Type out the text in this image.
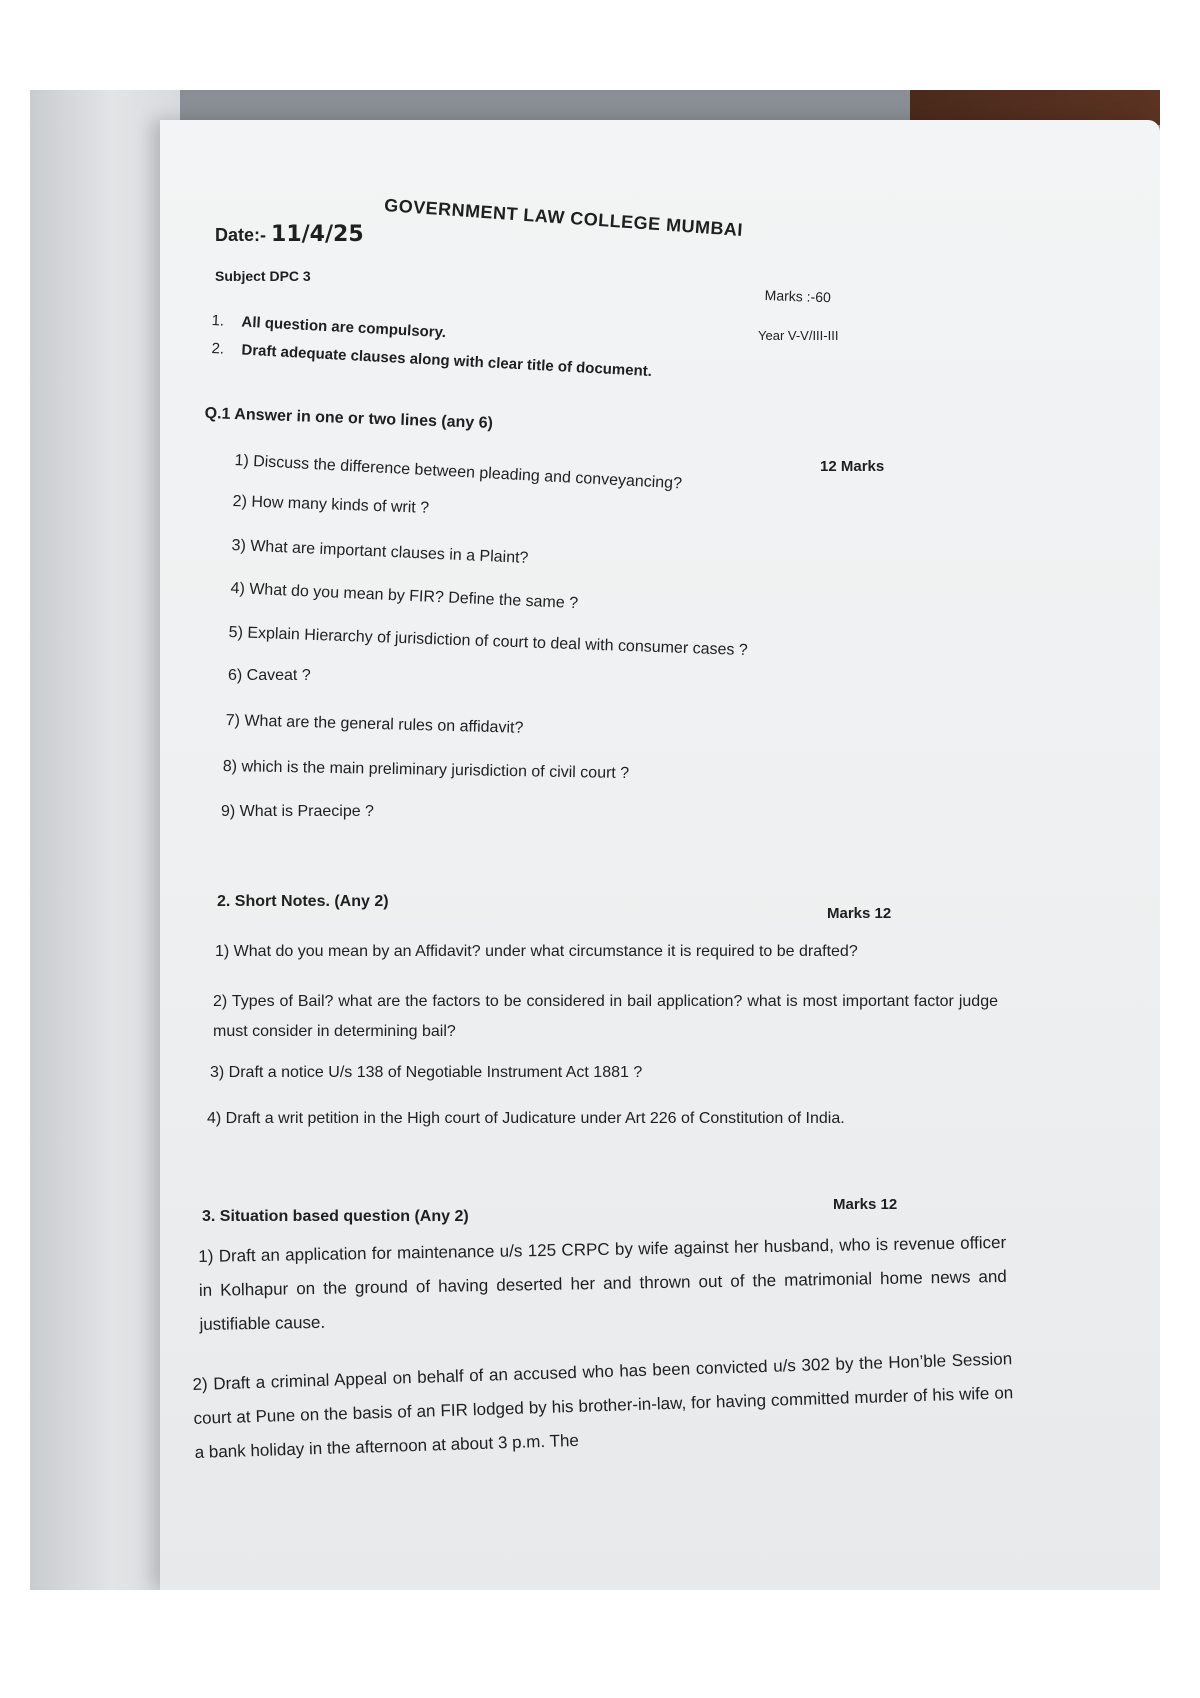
GOVERNMENT LAW COLLEGE MUMBAI
Date:- 11/4/25
Subject DPC 3
Marks :-60
Year V-V/III-III
1. All question are compulsory.
2. Draft adequate clauses along with clear title of document.
Q.1 Answer in one or two lines (any 6)
12 Marks
1) Discuss the difference between pleading and conveyancing?
2) How many kinds of writ ?
3) What are important clauses in a Plaint?
4) What do you mean by FIR? Define the same ?
5) Explain Hierarchy of jurisdiction of court to deal with consumer cases ?
6) Caveat ?
7) What are the general rules on affidavit?
8) which is the main preliminary jurisdiction of civil court ?
9) What is Praecipe ?
2. Short Notes. (Any 2)
Marks 12
1) What do you mean by an Affidavit? under what circumstance it is required to be drafted?
2) Types of Bail? what are the factors to be considered in bail application? what is most important factor judge must consider in determining bail?
3) Draft a notice U/s 138 of Negotiable Instrument Act 1881 ?
4) Draft a writ petition in the High court of Judicature under Art 226 of Constitution of India.
3. Situation based question (Any 2)
Marks 12
1) Draft an application for maintenance u/s 125 CRPC by wife against her husband, who is revenue officer in Kolhapur on the ground of having deserted her and thrown out of the matrimonial home news and justifiable cause.
2) Draft a criminal Appeal on behalf of an accused who has been convicted u/s 302 by the Hon’ble Session court at Pune on the basis of an FIR lodged by his brother-in-law, for having committed murder of his wife on a bank holiday in the afternoon at about 3 p.m. The
